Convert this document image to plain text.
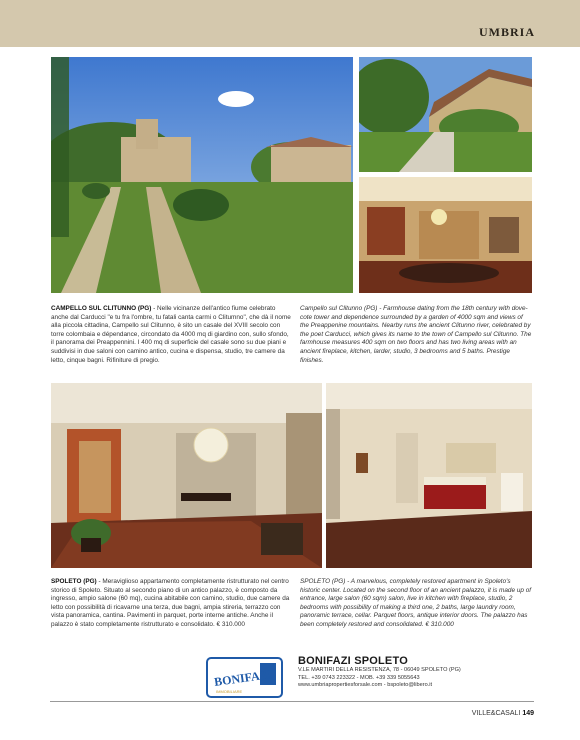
UMBRIA
CAMPELLO SUL CLITUNNO (PG) - Nelle vicinanze dell'antico fiume celebrato anche dal Carducci "e tu fra l'ombre, tu fatali canta carmi o Clitumno", che dà il nome alla piccola cittadina, Campello sul Clitunno, è sito un casale del XVIII secolo con torre colombaia e dépendance, circondato da 4000 mq di giardino con, sullo sfondo, il panorama dei Preappennini. I 400 mq di superficie del casale sono su due piani e suddivisi in due saloni con camino antico, cucina e dispensa, studio, tre camere da letto, cinque bagni. Rifiniture di pregio.
Campello sul Clitunno (PG) - Farmhouse dating from the 18th century with dove-cote tower and dependence surrounded by a garden of 4000 sqm and views of the Preappenine mountains. Nearby runs the ancient Clitunno river, celebrated by the poet Carducci, which gives its name to the town of Campello sul Clitunno. The farmhouse measures 400 sqm on two floors and has two living areas with an ancient fireplace, kitchen, larder, studio, 3 bedrooms and 5 baths. Prestige finishes.
SPOLETO (PG) - Meraviglioso appartamento completamente ristrutturato nel centro storico di Spoleto. Situato al secondo piano di un antico palazzo, è composto da ingresso, ampio salone (60 mq), cucina abitabile con camino, studio, due camere da letto con possibilità di ricavarne una terza, due bagni, ampia stireria, terrazzo con vista panoramica, cantina. Pavimenti in parquet, porte interne antiche. Anche il palazzo è stato completamente ristrutturato e consolidato. € 310.000
SPOLETO (PG) - A marvelous, completely restored apartment in Spoleto's historic center. Located on the second floor of an ancient palazzo, it is made up of entrance, large salon (60 sqm) salon, live in kitchen with fireplace, studio, 2 bedrooms with possibility of making a third one, 2 baths, large laundry room, panoramic terrace, cellar. Parquet floors, antique interior doors. The palazzo has been completely restored and consolidated. € 310.000
BONIFAZI
IMMOBILIARE
BONIFAZI SPOLETO
V.LE MARTIRI DELLA RESISTENZA, 78 - 06049 SPOLETO (PG)
TEL. +39 0743 223322 - MOB. +39 339 5055643
www.umbriapropertiesforsale.com - bspoleto@libero.it
VILLE&CASALI 149
